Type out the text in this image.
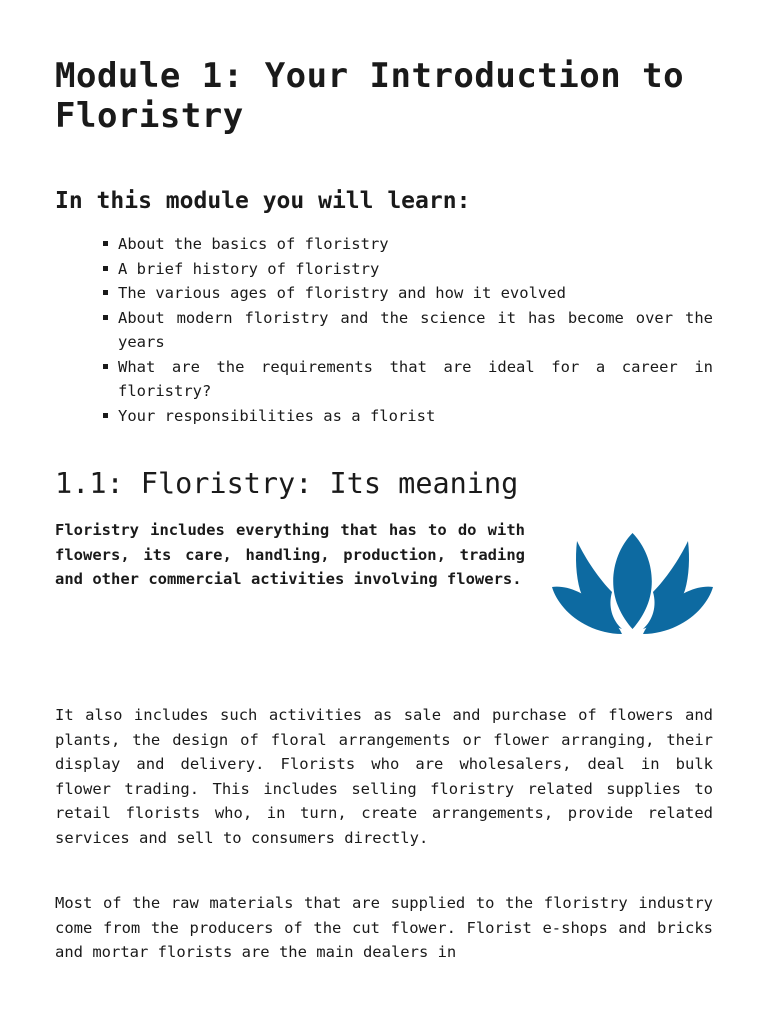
Module 1: Your Introduction to Floristry
In this module you will learn:
About the basics of floristry
A brief history of floristry
The various ages of floristry and how it evolved
About modern floristry and the science it has become over the years
What are the requirements that are ideal for a career in floristry?
Your responsibilities as a florist
1.1: Floristry: Its meaning

Floristry includes everything that has to do with flowers, its care, handling, production, trading and other commercial activities involving flowers.

It also includes such activities as sale and purchase of flowers and plants, the design of floral arrangements or flower arranging, their display and delivery. Florists who are wholesalers, deal in bulk flower trading. This includes selling floristry related supplies to retail florists who, in turn, create arrangements, provide related services and sell to consumers directly.

Most of the raw materials that are supplied to the floristry industry come from the producers of the cut flower. Florist e-shops and bricks and mortar florists are the main dealers in
